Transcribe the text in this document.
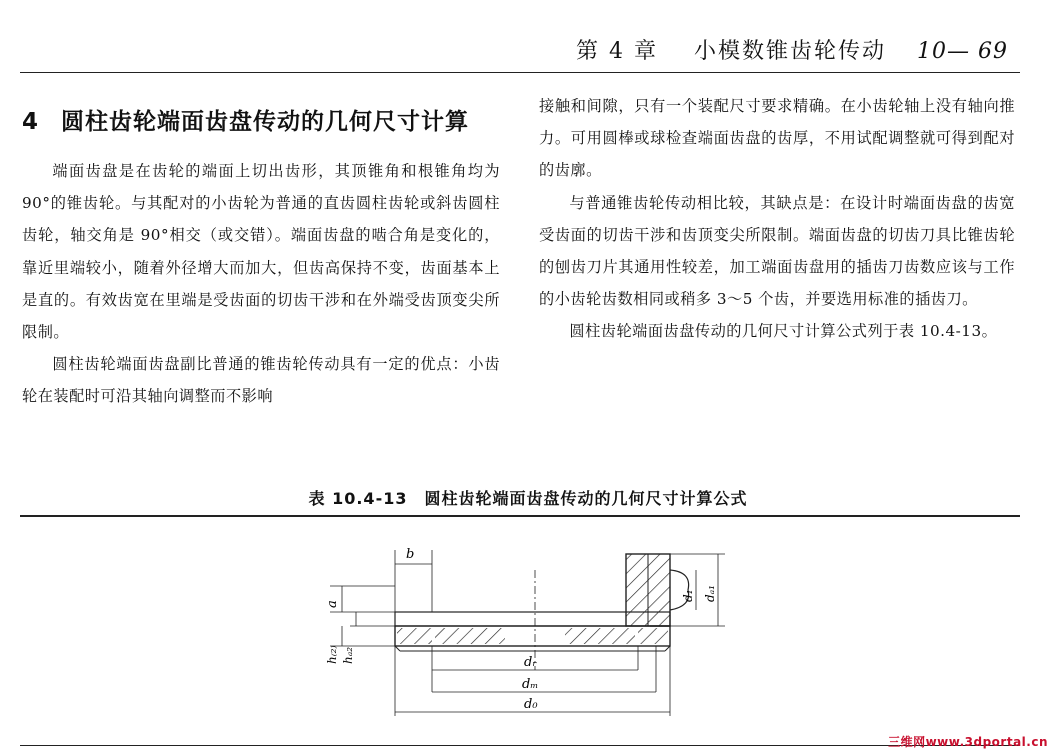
第 4 章 小模数锥齿轮传动 10— 69
4 圆柱齿轮端面齿盘传动的几何尺寸计算

端面齿盘是在齿轮的端面上切出齿形，其顶锥角和根锥角均为 90°的锥齿轮。与其配对的小齿轮为普通的直齿圆柱齿轮或斜齿圆柱齿轮，轴交角是 90°相交（或交错）。端面齿盘的啮合角是变化的，靠近里端较小，随着外径增大而加大，但齿高保持不变，齿面基本上是直的。有效齿宽在里端是受齿面的切齿干涉和在外端受齿顶变尖所限制。

圆柱齿轮端面齿盘副比普通的锥齿轮传动具有一定的优点：小齿轮在装配时可沿其轴向调整而不影响

接触和间隙，只有一个装配尺寸要求精确。在小齿轮轴上没有轴向推力。可用圆棒或球检查端面齿盘的齿厚，不用试配调整就可得到配对的齿廓。

与普通锥齿轮传动相比较，其缺点是：在设计时端面齿盘的齿宽受齿面的切齿干涉和齿顶变尖所限制。端面齿盘的切齿刀具比锥齿轮的刨齿刀片其通用性较差，加工端面齿盘用的插齿刀齿数应该与工作的小齿轮齿数相同或稍多 3～5 个齿，并要选用标准的插齿刀。

圆柱齿轮端面齿盘传动的几何尺寸计算公式列于表 10.4-13。

表 10.4-13　圆柱齿轮端面齿盘传动的几何尺寸计算公式
b
a
h₍₂₎ hₐ₂
d₁ dₐ₁
dᵣ
dₘ
d₀
三维网www.3dportal.cn
